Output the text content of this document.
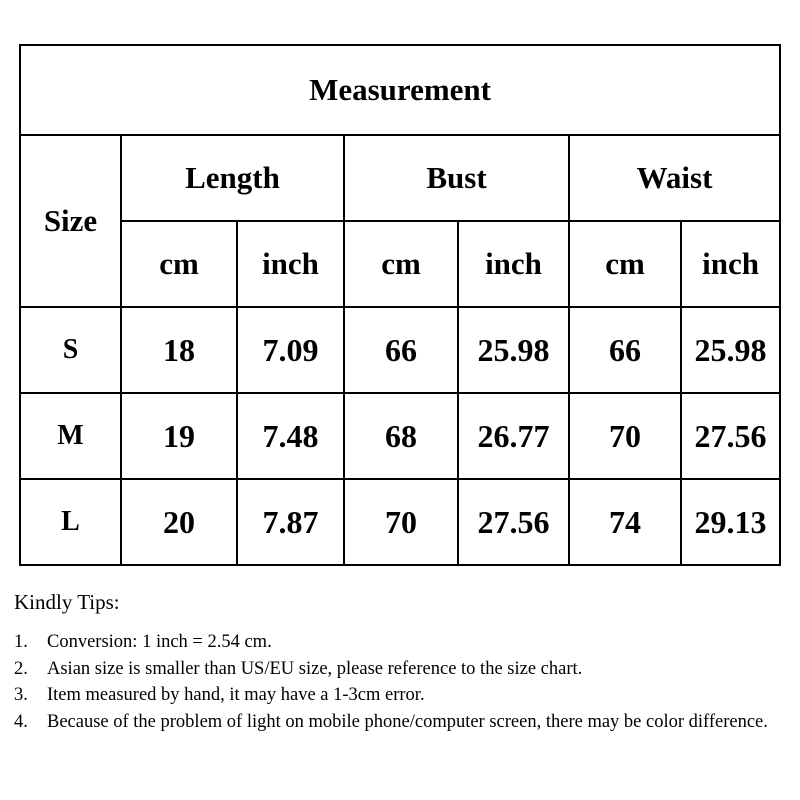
Measurement						
Size	Length		Bust		Waist	
	cm	inch	cm	inch	cm	inch
S	18	7.09	66	25.98	66	25.98
M	19	7.48	68	26.77	70	27.56
L	20	7.87	70	27.56	74	29.13
Kindly Tips:
1. Conversion: 1 inch = 2.54 cm.
2. Asian size is smaller than US/EU size, please reference to the size chart.
3. Item measured by hand, it may have a 1-3cm error.
4. Because of the problem of light on mobile phone/computer screen, there may be color difference.
